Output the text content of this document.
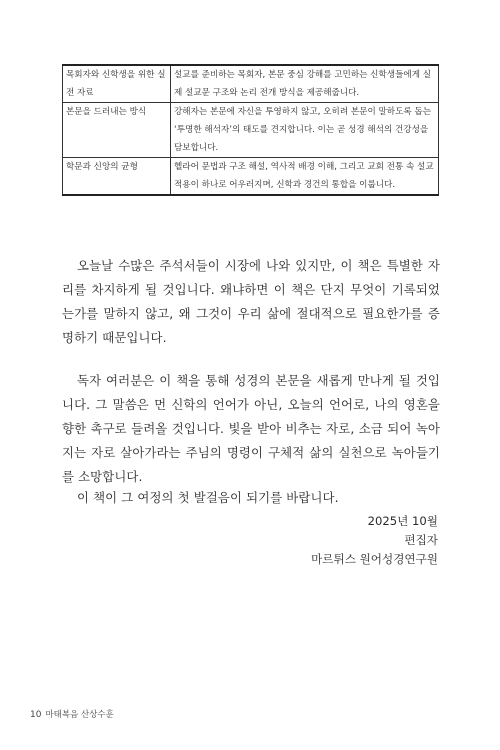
목회자와 신학생을 위한 실전 자료	설교를 준비하는 목회자, 본문 중심 강해를 고민하는 신학생들에게 실제 설교문 구조와 논리 전개 방식을 제공해줍니다.
본문을 드러내는 방식	강해자는 본문에 자신을 투영하지 않고, 오히려 본문이 말하도록 돕는 ‘투명한 해석자’의 태도를 견지합니다. 이는 곧 성경 해석의 건강성을 담보합니다.
학문과 신앙의 균형	헬라어 문법과 구조 해설, 역사적 배경 이해, 그리고 교회 전통 속 설교 적용이 하나로 어우러지며, 신학과 경건의 통합을 이룹니다.

오늘날 수많은 주석서들이 시장에 나와 있지만, 이 책은 특별한 자리를 차지하게 될 것입니다. 왜냐하면 이 책은 단지 무엇이 기록되었는가를 말하지 않고, 왜 그것이 우리 삶에 절대적으로 필요한가를 증명하기 때문입니다.

독자 여러분은 이 책을 통해 성경의 본문을 새롭게 만나게 될 것입니다. 그 말씀은 먼 신학의 언어가 아닌, 오늘의 언어로, 나의 영혼을 향한 촉구로 들려올 것입니다. 빛을 받아 비추는 자로, 소금 되어 녹아지는 자로 살아가라는 주님의 명령이 구체적 삶의 실천으로 녹아들기를 소망합니다.

이 책이 그 여정의 첫 발걸음이 되기를 바랍니다.

2025년 10월
편집자
마르튀스 원어성경연구원
10 마태복음 산상수훈
